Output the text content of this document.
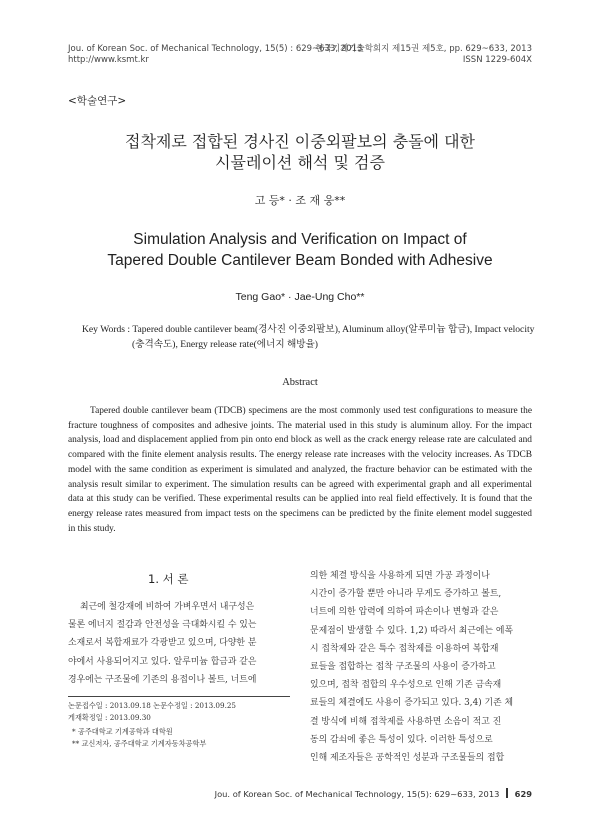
Jou. of Korean Soc. of Mechanical Technology, 15(5) : 629~633, 2013
http://www.ksmt.kr
한국기계기술학회지 제15권 제5호, pp. 629~633, 2013
ISSN 1229-604X
<학술연구>
접착제로 접합된 경사진 이중외팔보의 충돌에 대한
시뮬레이션 해석 및 검증
고 등* · 조 재 웅**
Simulation Analysis and Verification on Impact of
Tapered Double Cantilever Beam Bonded with Adhesive
Teng Gao* · Jae-Ung Cho**
Key Words : Tapered double cantilever beam(경사진 이중외팔보), Aluminum alloy(알루미늄 합금), Impact velocity
(충격속도), Energy release rate(에너지 해방율)
Abstract
Tapered double cantilever beam (TDCB) specimens are the most commonly used test configurations to measure the fracture toughness of composites and adhesive joints. The material used in this study is aluminum alloy. For the impact analysis, load and displacement applied from pin onto end block as well as the crack energy release rate are calculated and compared with the finite element analysis results. The energy release rate increases with the velocity increases. As TDCB model with the same condition as experiment is simulated and analyzed, the fracture behavior can be estimated with the analysis result similar to experiment. The simulation results can be agreed with experimental graph and all experimental data at this study can be verified. These experimental results can be applied into real field effectively. It is found that the energy release rates measured from impact tests on the specimens can be predicted by the finite element model suggested in this study.
1. 서 론
최근에 철강재에 비하여 가벼우면서 내구성은
물론 에너지 절감과 안전성을 극대화시킬 수 있는
소재로서 복합재료가 각광받고 있으며, 다양한 분
야에서 사용되어지고 있다. 알루미늄 합금과 같은
경우에는 구조물에 기존의 용접이나 볼트, 너트에
논문접수일 : 2013.09.18 논문수정일 : 2013.09.25
게재확정일 : 2013.09.30
* 공주대학교 기계공학과 대학원
** 교신저자, 공주대학교 기계자동차공학부
의한 체결 방식을 사용하게 되면 가공 과정이나
시간이 증가할 뿐만 아니라 무게도 증가하고 볼트,
너트에 의한 압력에 의하여 파손이나 변형과 같은
문제점이 발생할 수 있다. 1,2) 따라서 최근에는 에폭
시 접착제와 같은 특수 접착제를 이용하여 복합재
료들을 접합하는 접착 구조물의 사용이 증가하고
있으며, 접착 접합의 우수성으로 인해 기존 금속재
료들의 체결에도 사용이 증가되고 있다. 3,4) 기존 체
결 방식에 비해 접착제를 사용하면 소음이 적고 진
동의 감쇠에 좋은 특성이 있다. 이러한 특성으로
인해 제조자들은 공학적인 성분과 구조물들의 접합
Jou. of Korean Soc. of Mechanical Technology, 15(5): 629~633, 2013 629
